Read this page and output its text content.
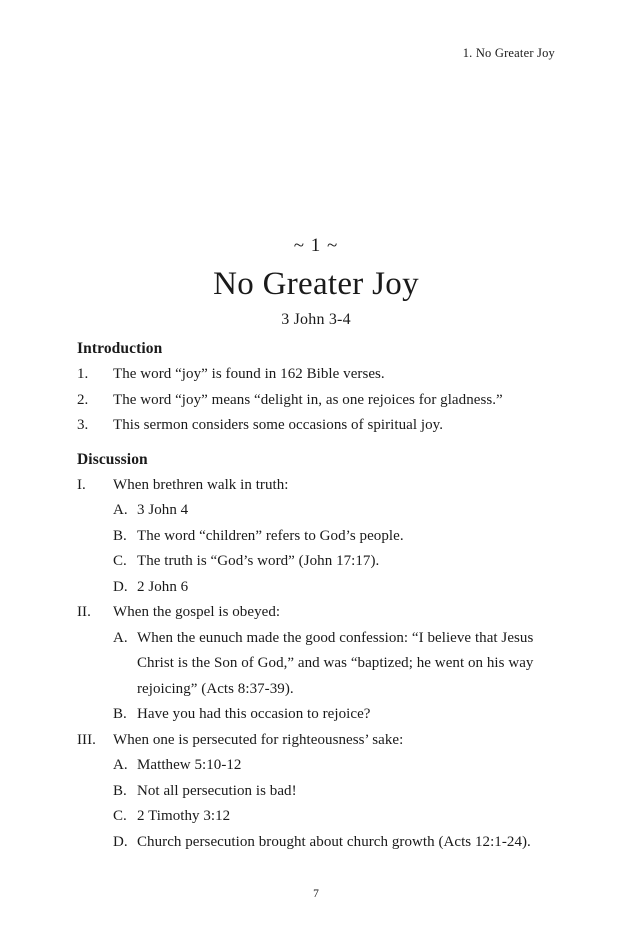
1. No Greater Joy
~ 1 ~
No Greater Joy
3 John 3-4
Introduction
1.	The word “joy” is found in 162 Bible verses.
2.	The word “joy” means “delight in, as one rejoices for gladness.”
3.	This sermon considers some occasions of spiritual joy.
Discussion
I.	When brethren walk in truth:
A. 3 John 4
B. The word “children” refers to God’s people.
C. The truth is “God’s word” (John 17:17).
D. 2 John 6
II.	When the gospel is obeyed:
A. When the eunuch made the good confession: “I believe that Jesus Christ is the Son of God,” and was “baptized; he went on his way rejoicing” (Acts 8:37-39).
B. Have you had this occasion to rejoice?
III.	When one is persecuted for righteousness’ sake:
A. Matthew 5:10-12
B. Not all persecution is bad!
C. 2 Timothy 3:12
D. Church persecution brought about church growth (Acts 12:1-24).
7
